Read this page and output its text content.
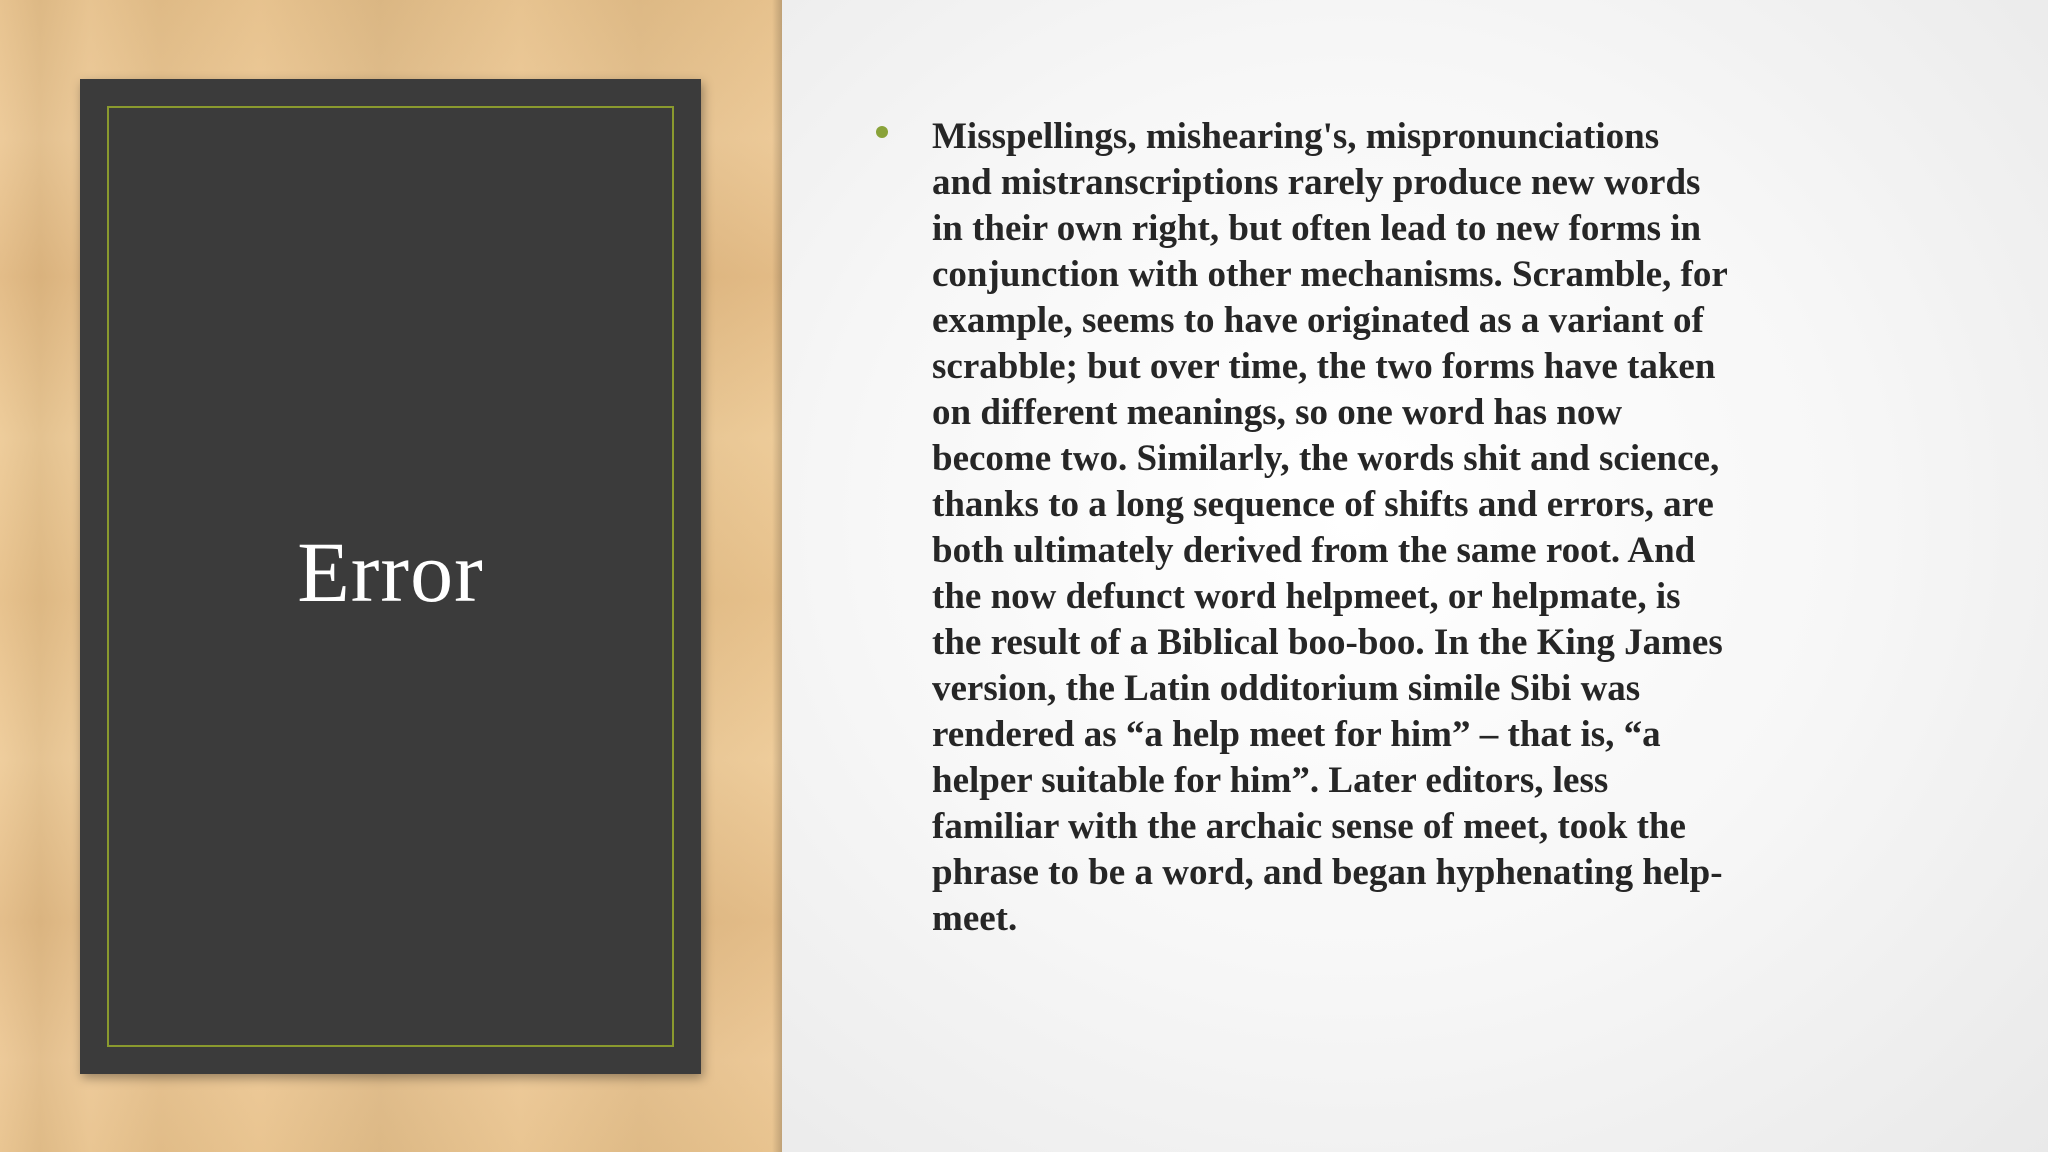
Error
Misspellings, mishearing's, mispronunciations
and mistranscriptions rarely produce new words
in their own right, but often lead to new forms in
conjunction with other mechanisms. Scramble, for
example, seems to have originated as a variant of
scrabble; but over time, the two forms have taken
on different meanings, so one word has now
become two. Similarly, the words shit and science,
thanks to a long sequence of shifts and errors, are
both ultimately derived from the same root. And
the now defunct word helpmeet, or helpmate, is
the result of a Biblical boo-boo. In the King James
version, the Latin odditorium simile Sibi was
rendered as “a help meet for him” – that is, “a
helper suitable for him”. Later editors, less
familiar with the archaic sense of meet, took the
phrase to be a word, and began hyphenating help-
meet.
